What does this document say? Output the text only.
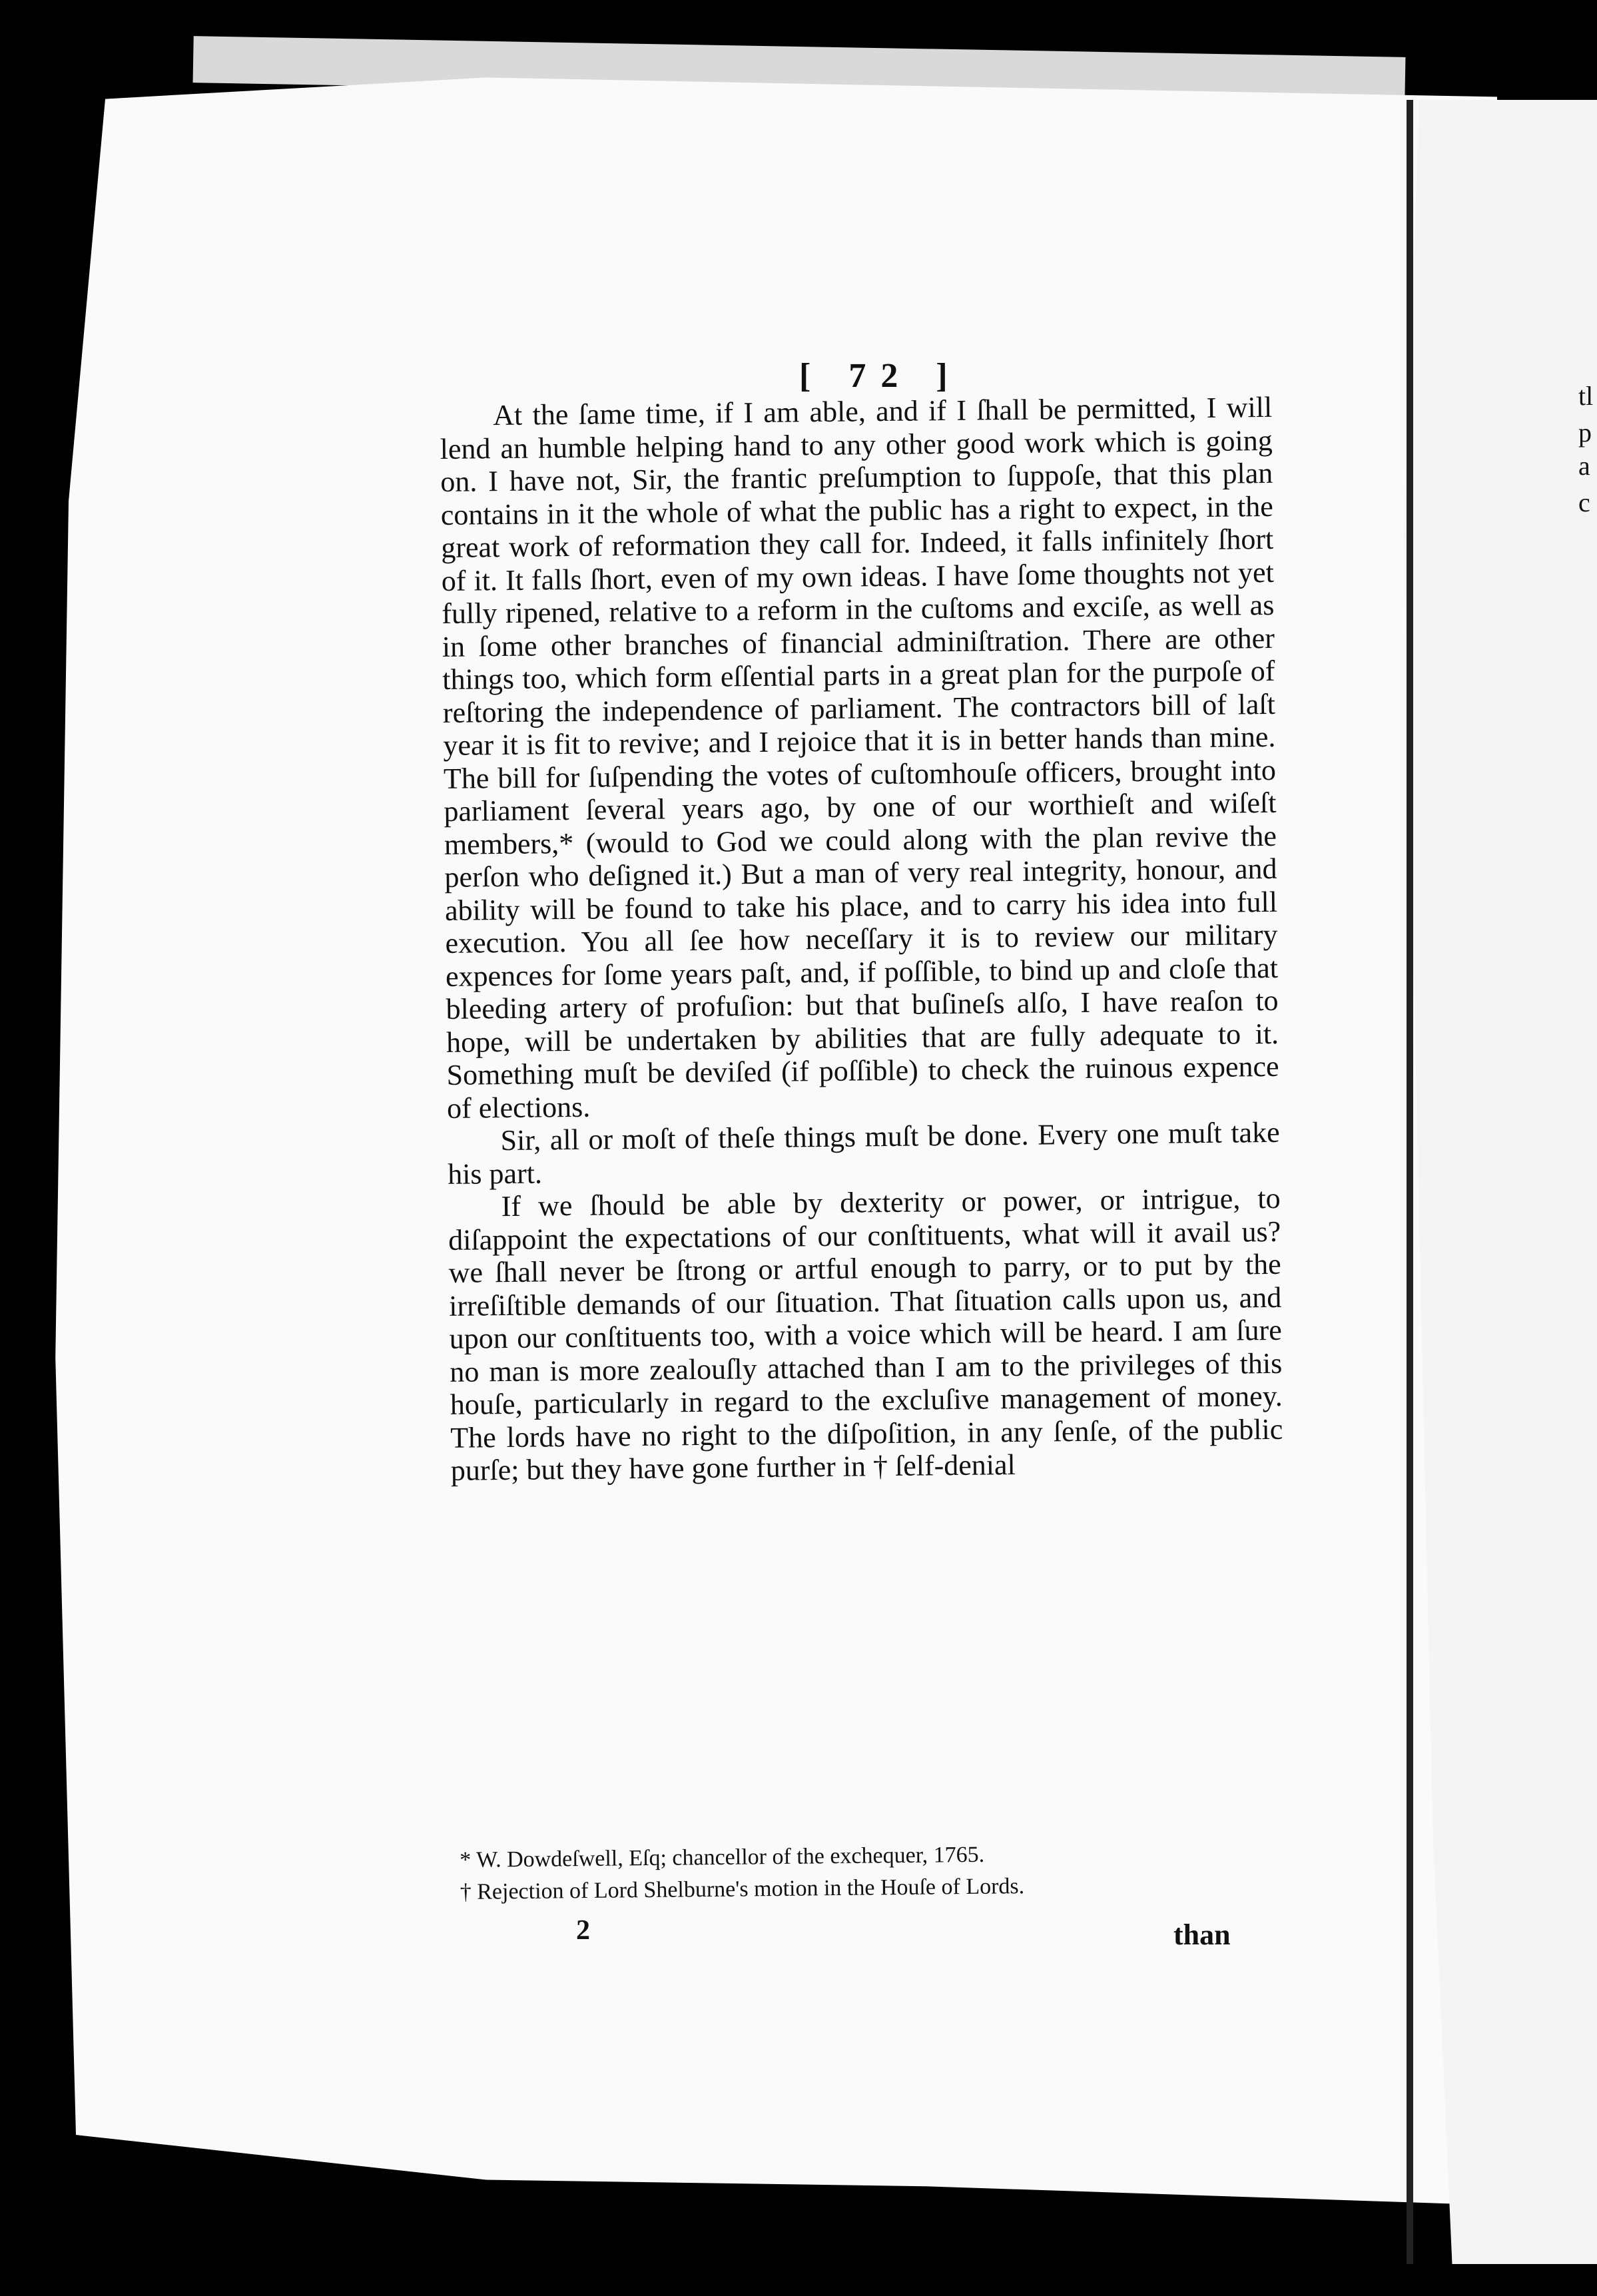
tl
p
a
c
[ 72 ]

At the ſame time, if I am able, and if I ſhall be permitted, I will lend an humble helping hand to any other good work which is going on. I have not, Sir, the frantic preſumption to ſuppoſe, that this plan contains in it the whole of what the public has a right to expect, in the great work of reformation they call for. Indeed, it falls infinitely ſhort of it. It falls ſhort, even of my own ideas. I have ſome thoughts not yet fully ripened, relative to a reform in the cuſtoms and exciſe, as well as in ſome other branches of financial adminiſtration. There are other things too, which form eſſential parts in a great plan for the purpoſe of reſtoring the independence of parliament. The contractors bill of laſt year it is fit to revive; and I rejoice that it is in better hands than mine. The bill for ſuſpending the votes of cuſtomhouſe officers, brought into parliament ſeveral years ago, by one of our worthieſt and wiſeſt members,* (would to God we could along with the plan revive the perſon who deſigned it.) But a man of very real integrity, honour, and ability will be found to take his place, and to carry his idea into full execution. You all ſee how neceſſary it is to review our military expences for ſome years paſt, and, if poſſible, to bind up and cloſe that bleeding artery of profuſion: but that buſineſs alſo, I have reaſon to hope, will be undertaken by abilities that are fully adequate to it. Something muſt be deviſed (if poſſible) to check the ruinous expence of elections.

Sir, all or moſt of theſe things muſt be done. Every one muſt take his part.

If we ſhould be able by dexterity or power, or intrigue, to diſappoint the expectations of our conſtituents, what will it avail us? we ſhall never be ſtrong or artful enough to parry, or to put by the irreſiſtible demands of our ſituation. That ſituation calls upon us, and upon our conſtituents too, with a voice which will be heard. I am ſure no man is more zealouſly attached than I am to the privileges of this houſe, particularly in regard to the excluſive management of money. The lords have no right to the diſpoſition, in any ſenſe, of the public purſe; but they have gone further in † ſelf-denial

* W. Dowdeſwell, Eſq; chancellor of the exchequer, 1765.
† Rejection of Lord Shelburne's motion in the Houſe of Lords.
2	than
